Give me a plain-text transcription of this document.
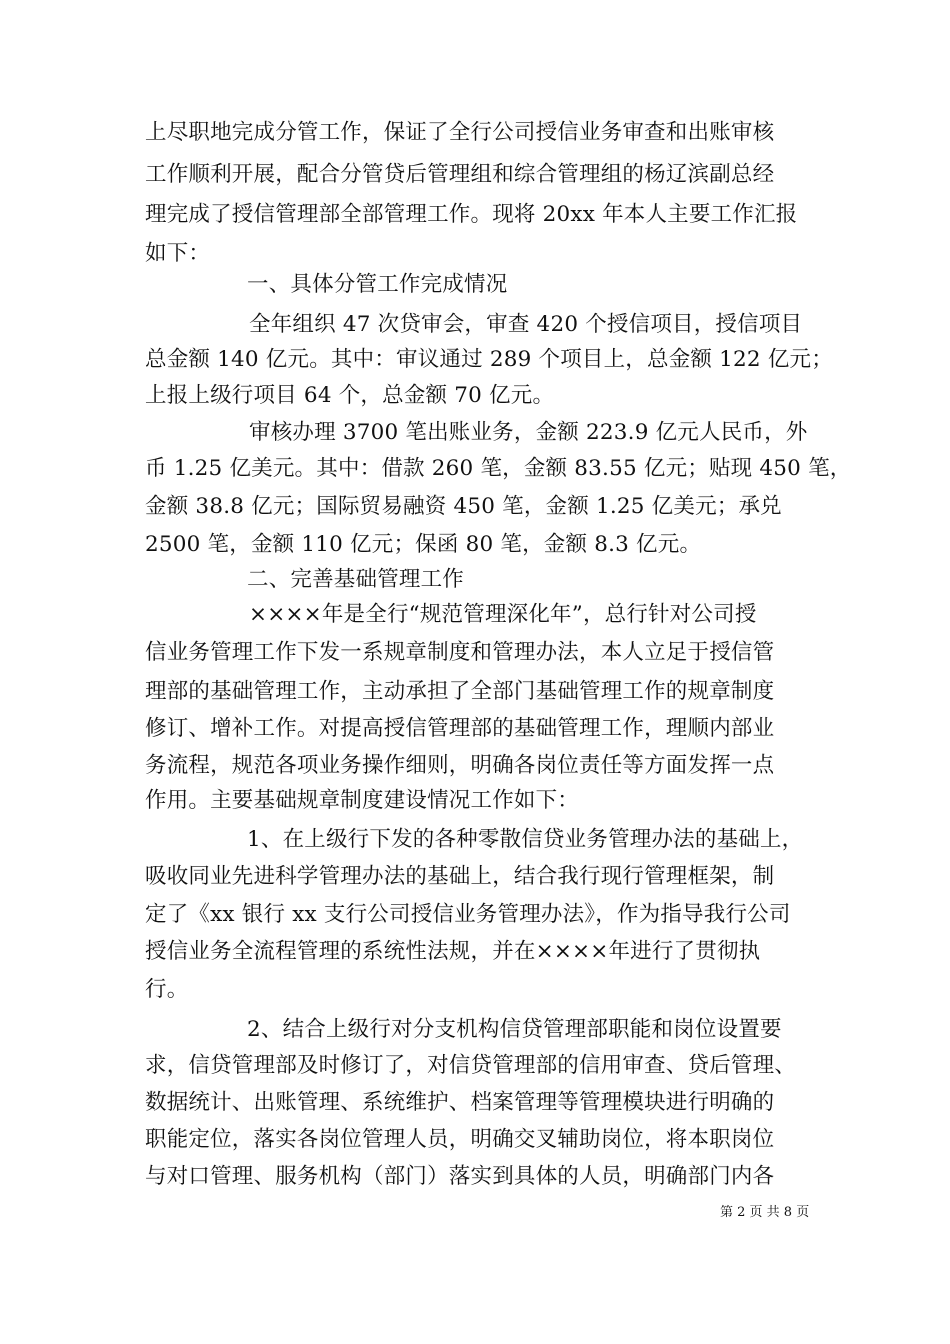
上尽职地完成分管工作，保证了全行公司授信业务审查和出账审核
工作顺利开展，配合分管贷后管理组和综合管理组的杨辽滨副总经
理完成了授信管理部全部管理工作。现将 20xx 年本人主要工作汇报
如下：
一、具体分管工作完成情况
全年组织 47 次贷审会，审查 420 个授信项目，授信项目
总金额 140 亿元。其中：审议通过 289 个项目上，总金额 122 亿元；
上报上级行项目 64 个，总金额 70 亿元。
审核办理 3700 笔出账业务，金额 223.9 亿元人民币，外
币 1.25 亿美元。其中：借款 260 笔，金额 83.55 亿元；贴现 450 笔，
金额 38.8 亿元；国际贸易融资 450 笔，金额 1.25 亿美元；承兑
2500 笔，金额 110 亿元；保函 80 笔，金额 8.3 亿元。
二、完善基础管理工作
××××年是全行“规范管理深化年”，总行针对公司授
信业务管理工作下发一系规章制度和管理办法，本人立足于授信管
理部的基础管理工作，主动承担了全部门基础管理工作的规章制度
修订、增补工作。对提高授信管理部的基础管理工作，理顺内部业
务流程，规范各项业务操作细则，明确各岗位责任等方面发挥一点
作用。主要基础规章制度建设情况工作如下：
1、在上级行下发的各种零散信贷业务管理办法的基础上，
吸收同业先进科学管理办法的基础上，结合我行现行管理框架，制
定了《xx 银行 xx 支行公司授信业务管理办法》，作为指导我行公司
授信业务全流程管理的系统性法规，并在××××年进行了贯彻执
行。
2、结合上级行对分支机构信贷管理部职能和岗位设置要
求，信贷管理部及时修订了，对信贷管理部的信用审查、贷后管理、
数据统计、出账管理、系统维护、档案管理等管理模块进行明确的
职能定位，落实各岗位管理人员，明确交叉辅助岗位，将本职岗位
与对口管理、服务机构（部门）落实到具体的人员，明确部门内各
第 2 页 共 8 页
